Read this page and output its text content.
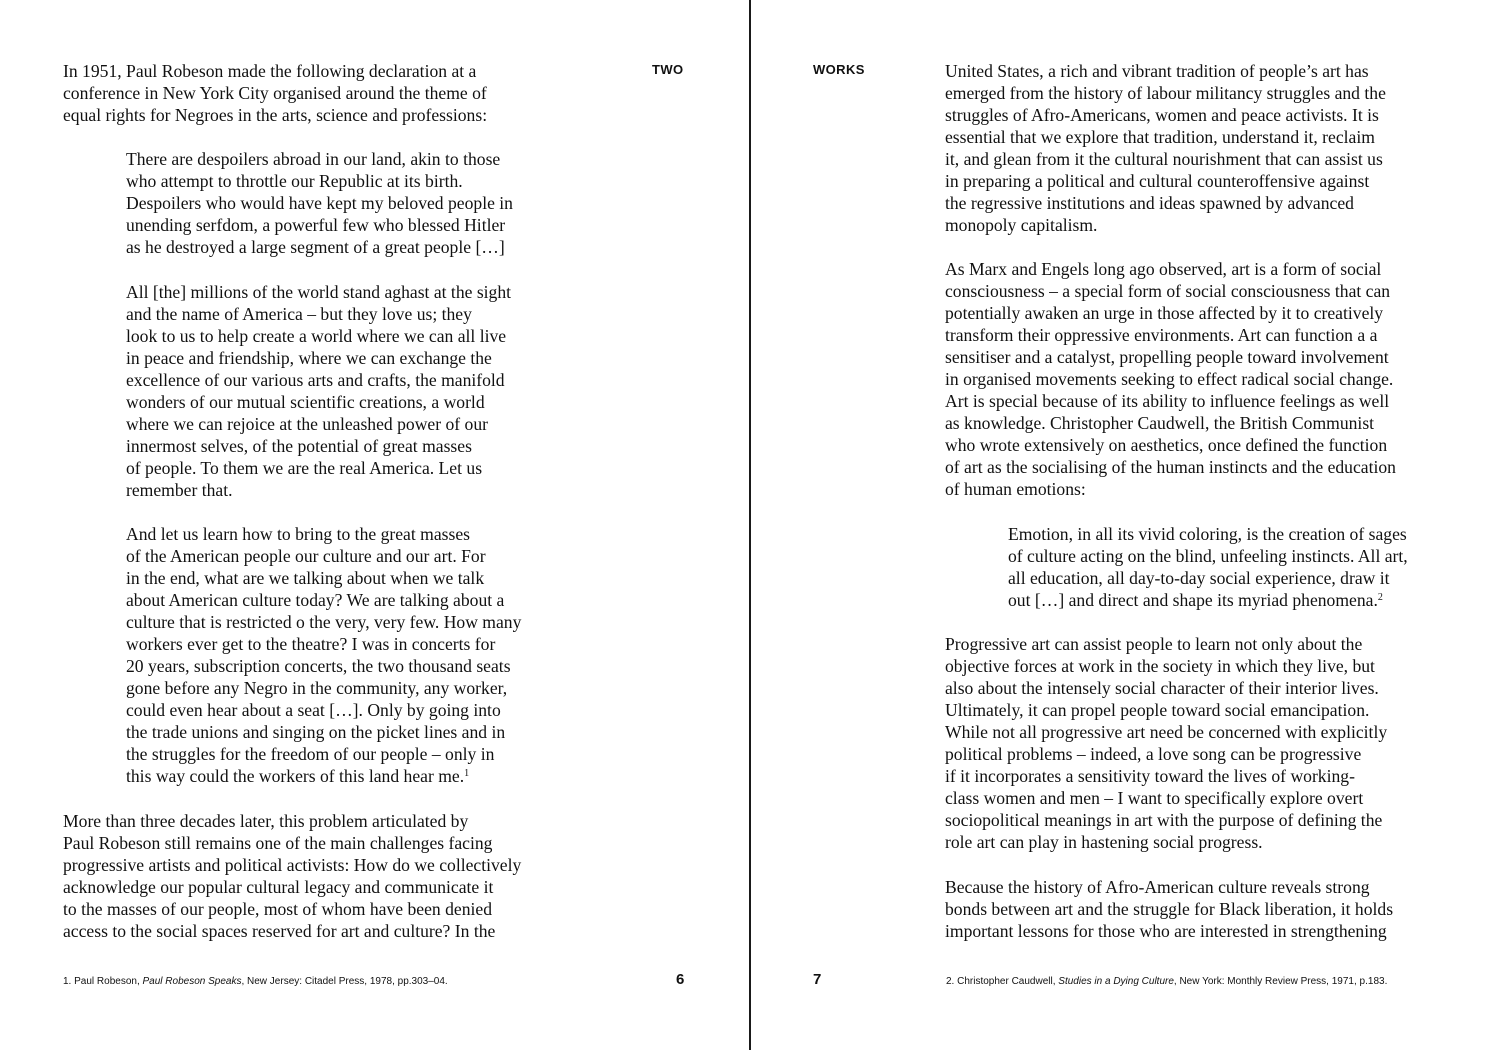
In 1951, Paul Robeson made the following declaration at a
conference in New York City organised around the theme of
equal rights for Negroes in the arts, science and professions:

TWO

There are despoilers abroad in our land, akin to those
who attempt to throttle our Republic at its birth.
Despoilers who would have kept my beloved people in
unending serfdom, a powerful few who blessed Hitler
as he destroyed a large segment of a great people […]

All [the] millions of the world stand aghast at the sight
and the name of America – but they love us; they
look to us to help create a world where we can all live
in peace and friendship, where we can exchange the
excellence of our various arts and crafts, the manifold
wonders of our mutual scientific creations, a world
where we can rejoice at the unleashed power of our
innermost selves, of the potential of great masses
of people. To them we are the real America. Let us
remember that.

And let us learn how to bring to the great masses
of the American people our culture and our art. For
in the end, what are we talking about when we talk
about American culture today? We are talking about a
culture that is restricted o the very, very few. How many
workers ever get to the theatre? I was in concerts for
20 years, subscription concerts, the two thousand seats
gone before any Negro in the community, any worker,
could even hear about a seat […]. Only by going into
the trade unions and singing on the picket lines and in
the struggles for the freedom of our people – only in
this way could the workers of this land hear me.$^1$

More than three decades later, this problem articulated by
Paul Robeson still remains one of the main challenges facing
progressive artists and political activists: How do we collectively
acknowledge our popular cultural legacy and communicate it
to the masses of our people, most of whom have been denied
access to the social spaces reserved for art and culture? In the

1. Paul Robeson, Paul Robeson Speaks, New Jersey: Citadel Press, 1978, pp.303–04.	6

WORKS	United States, a rich and vibrant tradition of people’s art has
emerged from the history of labour militancy struggles and the
struggles of Afro-Americans, women and peace activists. It is
essential that we explore that tradition, understand it, reclaim
it, and glean from it the cultural nourishment that can assist us
in preparing a political and cultural counteroffensive against
the regressive institutions and ideas spawned by advanced
monopoly capitalism.

As Marx and Engels long ago observed, art is a form of social
consciousness – a special form of social consciousness that can
potentially awaken an urge in those affected by it to creatively
transform their oppressive environments. Art can function a a
sensitiser and a catalyst, propelling people toward involvement
in organised movements seeking to effect radical social change.
Art is special because of its ability to influence feelings as well
as knowledge. Christopher Caudwell, the British Communist
who wrote extensively on aesthetics, once defined the function
of art as the socialising of the human instincts and the education
of human emotions:

Emotion, in all its vivid coloring, is the creation of sages
of culture acting on the blind, unfeeling instincts. All art,
all education, all day-to-day social experience, draw it
out […] and direct and shape its myriad phenomena.$^2$

Progressive art can assist people to learn not only about the
objective forces at work in the society in which they live, but
also about the intensely social character of their interior lives.
Ultimately, it can propel people toward social emancipation.
While not all progressive art need be concerned with explicitly
political problems – indeed, a love song can be progressive
if it incorporates a sensitivity toward the lives of working-
class women and men – I want to specifically explore overt
sociopolitical meanings in art with the purpose of defining the
role art can play in hastening social progress.

Because the history of Afro-American culture reveals strong
bonds between art and the struggle for Black liberation, it holds
important lessons for those who are interested in strengthening

7	2. Christopher Caudwell, Studies in a Dying Culture, New York: Monthly Review Press, 1971, p.183.
